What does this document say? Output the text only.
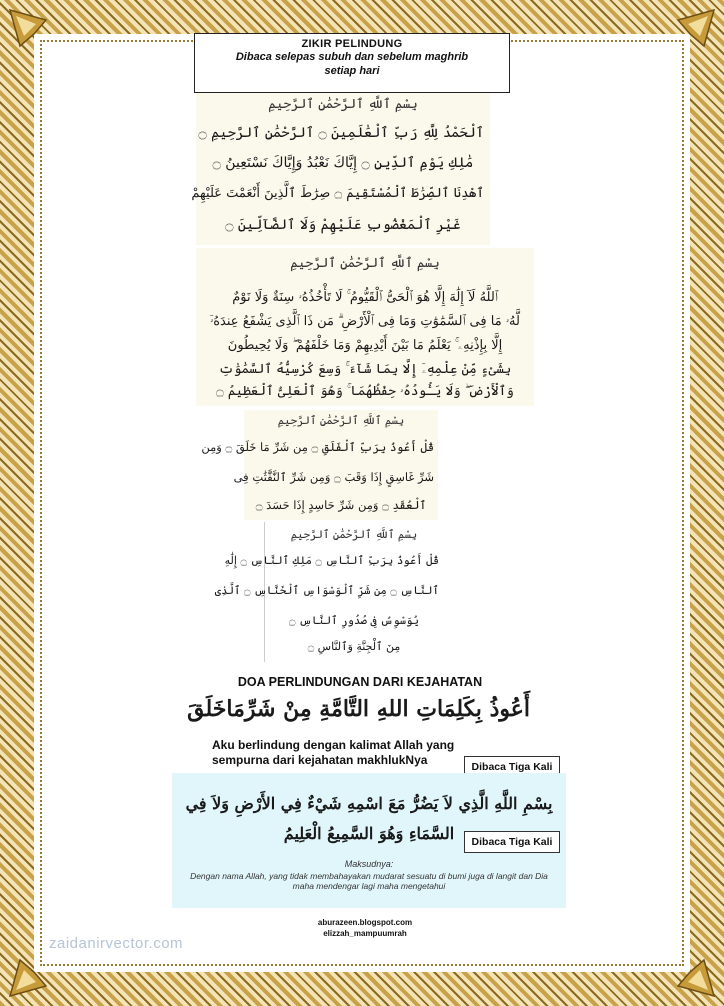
ZIKIR PELINDUNG
Dibaca selepas subuh dan sebelum maghrib
setiap hari
بِسْمِ ٱللَّهِ ٱلرَّحْمَٰنِ ٱلرَّحِيمِ
ٱلْحَمْدُ لِلَّهِ رَبِّ ٱلْعَٰلَمِينَ ۝ ٱلرَّحْمَٰنِ ٱلرَّحِيمِ ۝
مَٰلِكِ يَوْمِ ٱلدِّينِ ۝ إِيَّاكَ نَعْبُدُ وَإِيَّاكَ نَسْتَعِينُ ۝
ٱهْدِنَا ٱلصِّرَٰطَ ٱلْمُسْتَقِيمَ ۝ صِرَٰطَ ٱلَّذِينَ أَنْعَمْتَ عَلَيْهِمْ
غَيْرِ ٱلْمَغْضُوبِ عَلَيْهِمْ وَلَا ٱلضَّآلِّينَ ۝
بِسْمِ ٱللَّهِ ٱلرَّحْمَٰنِ ٱلرَّحِيمِ
ٱللَّهُ لَآ إِلَٰهَ إِلَّا هُوَ ٱلْحَىُّ ٱلْقَيُّومُ ۚ لَا تَأْخُذُهُۥ سِنَةٌ وَلَا نَوْمٌ
لَّهُۥ مَا فِى ٱلسَّمَٰوَٰتِ وَمَا فِى ٱلْأَرْضِ ۗ مَن ذَا ٱلَّذِى يَشْفَعُ عِندَهُۥٓ
إِلَّا بِإِذْنِهِۦ ۚ يَعْلَمُ مَا بَيْنَ أَيْدِيهِمْ وَمَا خَلْفَهُمْ ۖ وَلَا يُحِيطُونَ
بِشَىْءٍ مِّنْ عِلْمِهِۦٓ إِلَّا بِمَا شَآءَ ۚ وَسِعَ كُرْسِيُّهُ ٱلسَّمَٰوَٰتِ
وَٱلْأَرْضَ ۖ وَلَا يَـُٔودُهُۥ حِفْظُهُمَا ۚ وَهُوَ ٱلْعَلِىُّ ٱلْعَظِيمُ ۝
بِسْمِ ٱللَّهِ ٱلرَّحْمَٰنِ ٱلرَّحِيمِ
قُلْ أَعُوذُ بِرَبِّ ٱلْفَلَقِ ۝ مِن شَرِّ مَا خَلَقَ ۝ وَمِن
شَرِّ غَاسِقٍ إِذَا وَقَبَ ۝ وَمِن شَرِّ ٱلنَّفَّٰثَٰتِ فِى
ٱلْعُقَدِ ۝ وَمِن شَرِّ حَاسِدٍ إِذَا حَسَدَ ۝
بِسْمِ ٱللَّهِ ٱلرَّحْمَٰنِ ٱلرَّحِيمِ
قُلْ أَعُوذُ بِرَبِّ ٱلنَّاسِ ۝ مَلِكِ ٱلنَّاسِ ۝ إِلَٰهِ
ٱلنَّاسِ ۝ مِن شَرِّ ٱلْوَسْوَاسِ ٱلْخَنَّاسِ ۝ ٱلَّذِى
يُوَسْوِسُ فِى صُدُورِ ٱلنَّاسِ ۝
مِنَ ٱلْجِنَّةِ وَٱلنَّاسِ ۝
DOA PERLINDUNGAN DARI KEJAHATAN
أَعُوذُ بِكَلِمَاتِ اللهِ التَّامَّةِ مِنْ شَرِّمَاخَلَقَ
Aku berlindung dengan kalimat Allah yang
sempurna dari kejahatan makhlukNya	Dibaca Tiga Kali
بِسْمِ اللَّهِ الَّذِي لاَ يَضُرُّ مَعَ اسْمِهِ شَيْءٌ فِي الأَرْضِ وَلاَ فِي السَّمَاءِ وَهُوَ السَّمِيعُ الْعَلِيمُ
Maksudnya:
Dengan nama Allah, yang tidak membahayakan mudarat sesuatu di bumi juga di langit dan Dia maha mendengar lagi maha mengetahui
Dibaca Tiga Kali
aburazeen.blogspot.com
elizzah_mampuumrah
zaidanirvector.com
